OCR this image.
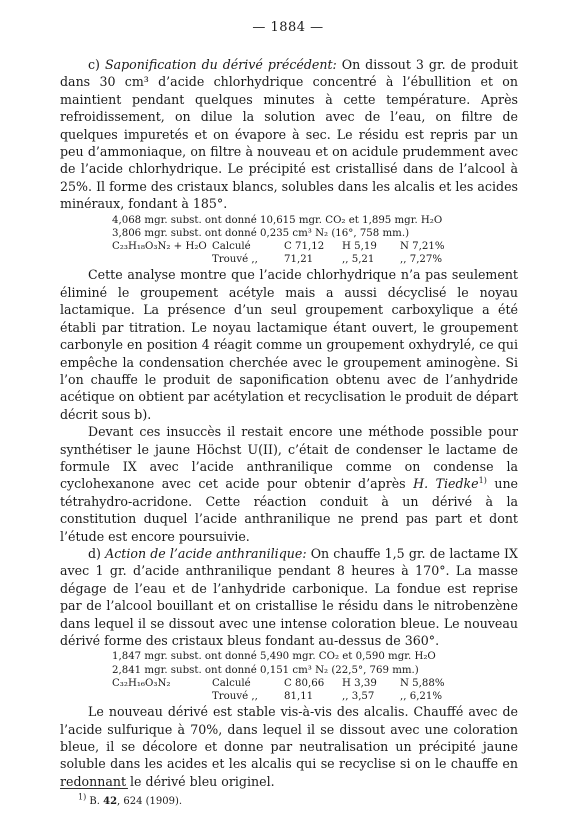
— 1884 —

c) Saponification du dérivé précédent: On dissout 3 gr. de produit dans 30 cm³ d’acide chlorhydrique concentré à l’ébullition et on maintient pendant quelques minutes à cette température. Après refroidissement, on dilue la solution avec de l’eau, on filtre de quelques impuretés et on évapore à sec. Le résidu est repris par un peu d’ammoniaque, on filtre à nouveau et on acidule prudemment avec de l’acide chlorhydrique. Le précipité est cristallisé dans de l’alcool à 25%. Il forme des cristaux blancs, solubles dans les alcalis et les acides minéraux, fondant à 185°.

4,068 mgr. subst. ont donné 10,615 mgr. CO₂ et 1,895 mgr. H₂O
3,806 mgr. subst. ont donné 0,235 cm³ N₂ (16°, 758 mm.)
C₂₃H₁₈O₃N₂ + H₂O Calculé	C 71,12	H 5,19	N 7,21%
Trouvé ,,	71,21	,, 5,21	,, 7,27%

Cette analyse montre que l’acide chlorhydrique n’a pas seulement éliminé le groupement acétyle mais a aussi décyclisé le noyau lactamique. La présence d’un seul groupement carboxylique a été établi par titration. Le noyau lactamique étant ouvert, le groupement carbonyle en position 4 réagit comme un groupement oxhydrylé, ce qui empêche la condensation cherchée avec le groupement aminogène. Si l’on chauffe le produit de saponification obtenu avec de l’anhydride acétique on obtient par acétylation et recyclisation le produit de départ décrit sous b).

Devant ces insuccès il restait encore une méthode possible pour synthétiser le jaune Höchst U(II), c’était de condenser le lactame de formule IX avec l’acide anthranilique comme on condense la cyclohexanone avec cet acide pour obtenir d’après H. Tiedke$^{1)}$ une tétrahydro-acridone. Cette réaction conduit à un dérivé à la constitution duquel l’acide anthranilique ne prend pas part et dont l’étude est encore poursuivie.

d) Action de l’acide anthranilique: On chauffe 1,5 gr. de lactame IX avec 1 gr. d’acide anthranilique pendant 8 heures à 170°. La masse dégage de l’eau et de l’anhydride carbonique. La fondue est reprise par de l’alcool bouillant et on cristallise le résidu dans le nitrobenzène dans lequel il se dissout avec une intense coloration bleue. Le nouveau dérivé forme des cristaux bleus fondant au-dessus de 360°.

1,847 mgr. subst. ont donné 5,490 mgr. CO₂ et 0,590 mgr. H₂O
2,841 mgr. subst. ont donné 0,151 cm³ N₂ (22,5°, 769 mm.)
C₃₂H₁₆O₃N₂	Calculé	C 80,66	H 3,39	N 5,88%
Trouvé ,,	81,11	,, 3,57	,, 6,21%

Le nouveau dérivé est stable vis-à-vis des alcalis. Chauffé avec de l’acide sulfurique à 70%, dans lequel il se dissout avec une coloration bleue, il se décolore et donne par neutralisation un précipité jaune soluble dans les acides et les alcalis qui se recyclise si on le chauffe en redonnant le dérivé bleu originel.

$^{1)}$ B. 42, 624 (1909).
